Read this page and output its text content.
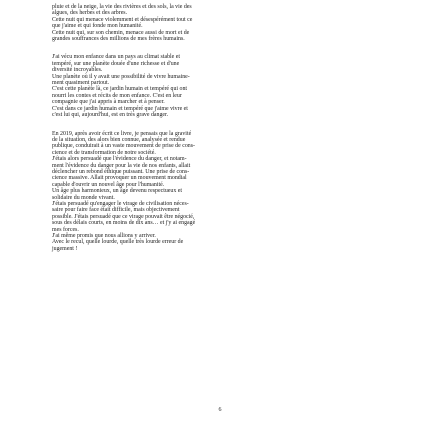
pluie et de la neige, la vie des rivières et des sols, la vie des

algues, des herbes et des arbres.

Cette nuit qui menace violemment et désespérément tout ce

que j'aime et qui fonde mon humanité.

Cette nuit qui, sur son chemin, menace aussi de mort et de

grandes souffrances des millions de mes frères humains.

J'ai vécu mon enfance dans un pays au climat stable et

tempéré, sur une planète douée d'une richesse et d'une

diversité incroyables.

Une planète où il y avait une possibilité de vivre humaine-

ment quasiment partout.

C'est cette planète là, ce jardin humain et tempéré qui ont

nourri les contes et récits de mon enfance. C'est en leur

compagnie que j'ai appris à marcher et à penser.

C'est dans ce jardin humain et tempéré que j'aime vivre et

c'est lui qui, aujourd'hui, est en très grave danger.

En 2019, après avoir écrit ce livre, je pensais que la gravité

de la situation, des alors bien connue, analysée et rendue

publique, conduirait à un vaste mouvement de prise de cons-

cience et de transformation de notre société.

J'étais alors persuadé que l'évidence du danger, et notam-

ment l'évidence du danger pour la vie de nos enfants, allait

déclencher un rebond éthique puissant. Une prise de cons-

cience massive. Allait provoquer un mouvement mondial

capable d'ouvrir un nouvel âge pour l'humanité.

Un âge plus harmonieux, un âge devenu respectueux et

solidaire du monde vivant.

J'étais persuadé qu'engager le virage de civilisation néces-

saire pour faire face était difficile, mais objectivement

possible. J'étais persuadé que ce virage pouvait être négocié,

sous des délais courts, en moins de dix ans… et j'y ai engagé

mes forces.

J'ai même promis que nous allions y arriver.

Avec le recul, quelle lourde, quelle très lourde erreur de

jugement !

6
